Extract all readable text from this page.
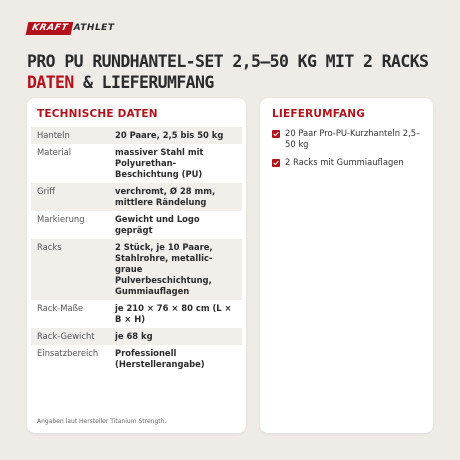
KRAFT ATHLET
PRO PU RUNDHANTEL-SET 2,5–50 KG MIT 2 RACKS
DATEN & LIEFERUMFANG
TECHNISCHE DATEN
Hanteln	20 Paare, 2,5 bis 50 kg
Material	massiver Stahl mit Polyurethan-Beschichtung (PU)
Griff	verchromt, Ø 28 mm, mittlere Rändelung
Markierung	Gewicht und Logo geprägt
Racks	2 Stück, je 10 Paare, Stahlrohre, metallic-graue Pulverbeschichtung, Gummiauflagen
Rack-Maße	je 210 × 76 × 80 cm (L × B × H)
Rack-Gewicht	je 68 kg
Einsatzbereich	Professionell (Herstellerangabe)
Angaben laut Hersteller Titanium Strength.
LIEFERUMFANG
20 Paar Pro-PU-Kurzhanteln 2,5–50 kg
2 Racks mit Gummiauflagen
